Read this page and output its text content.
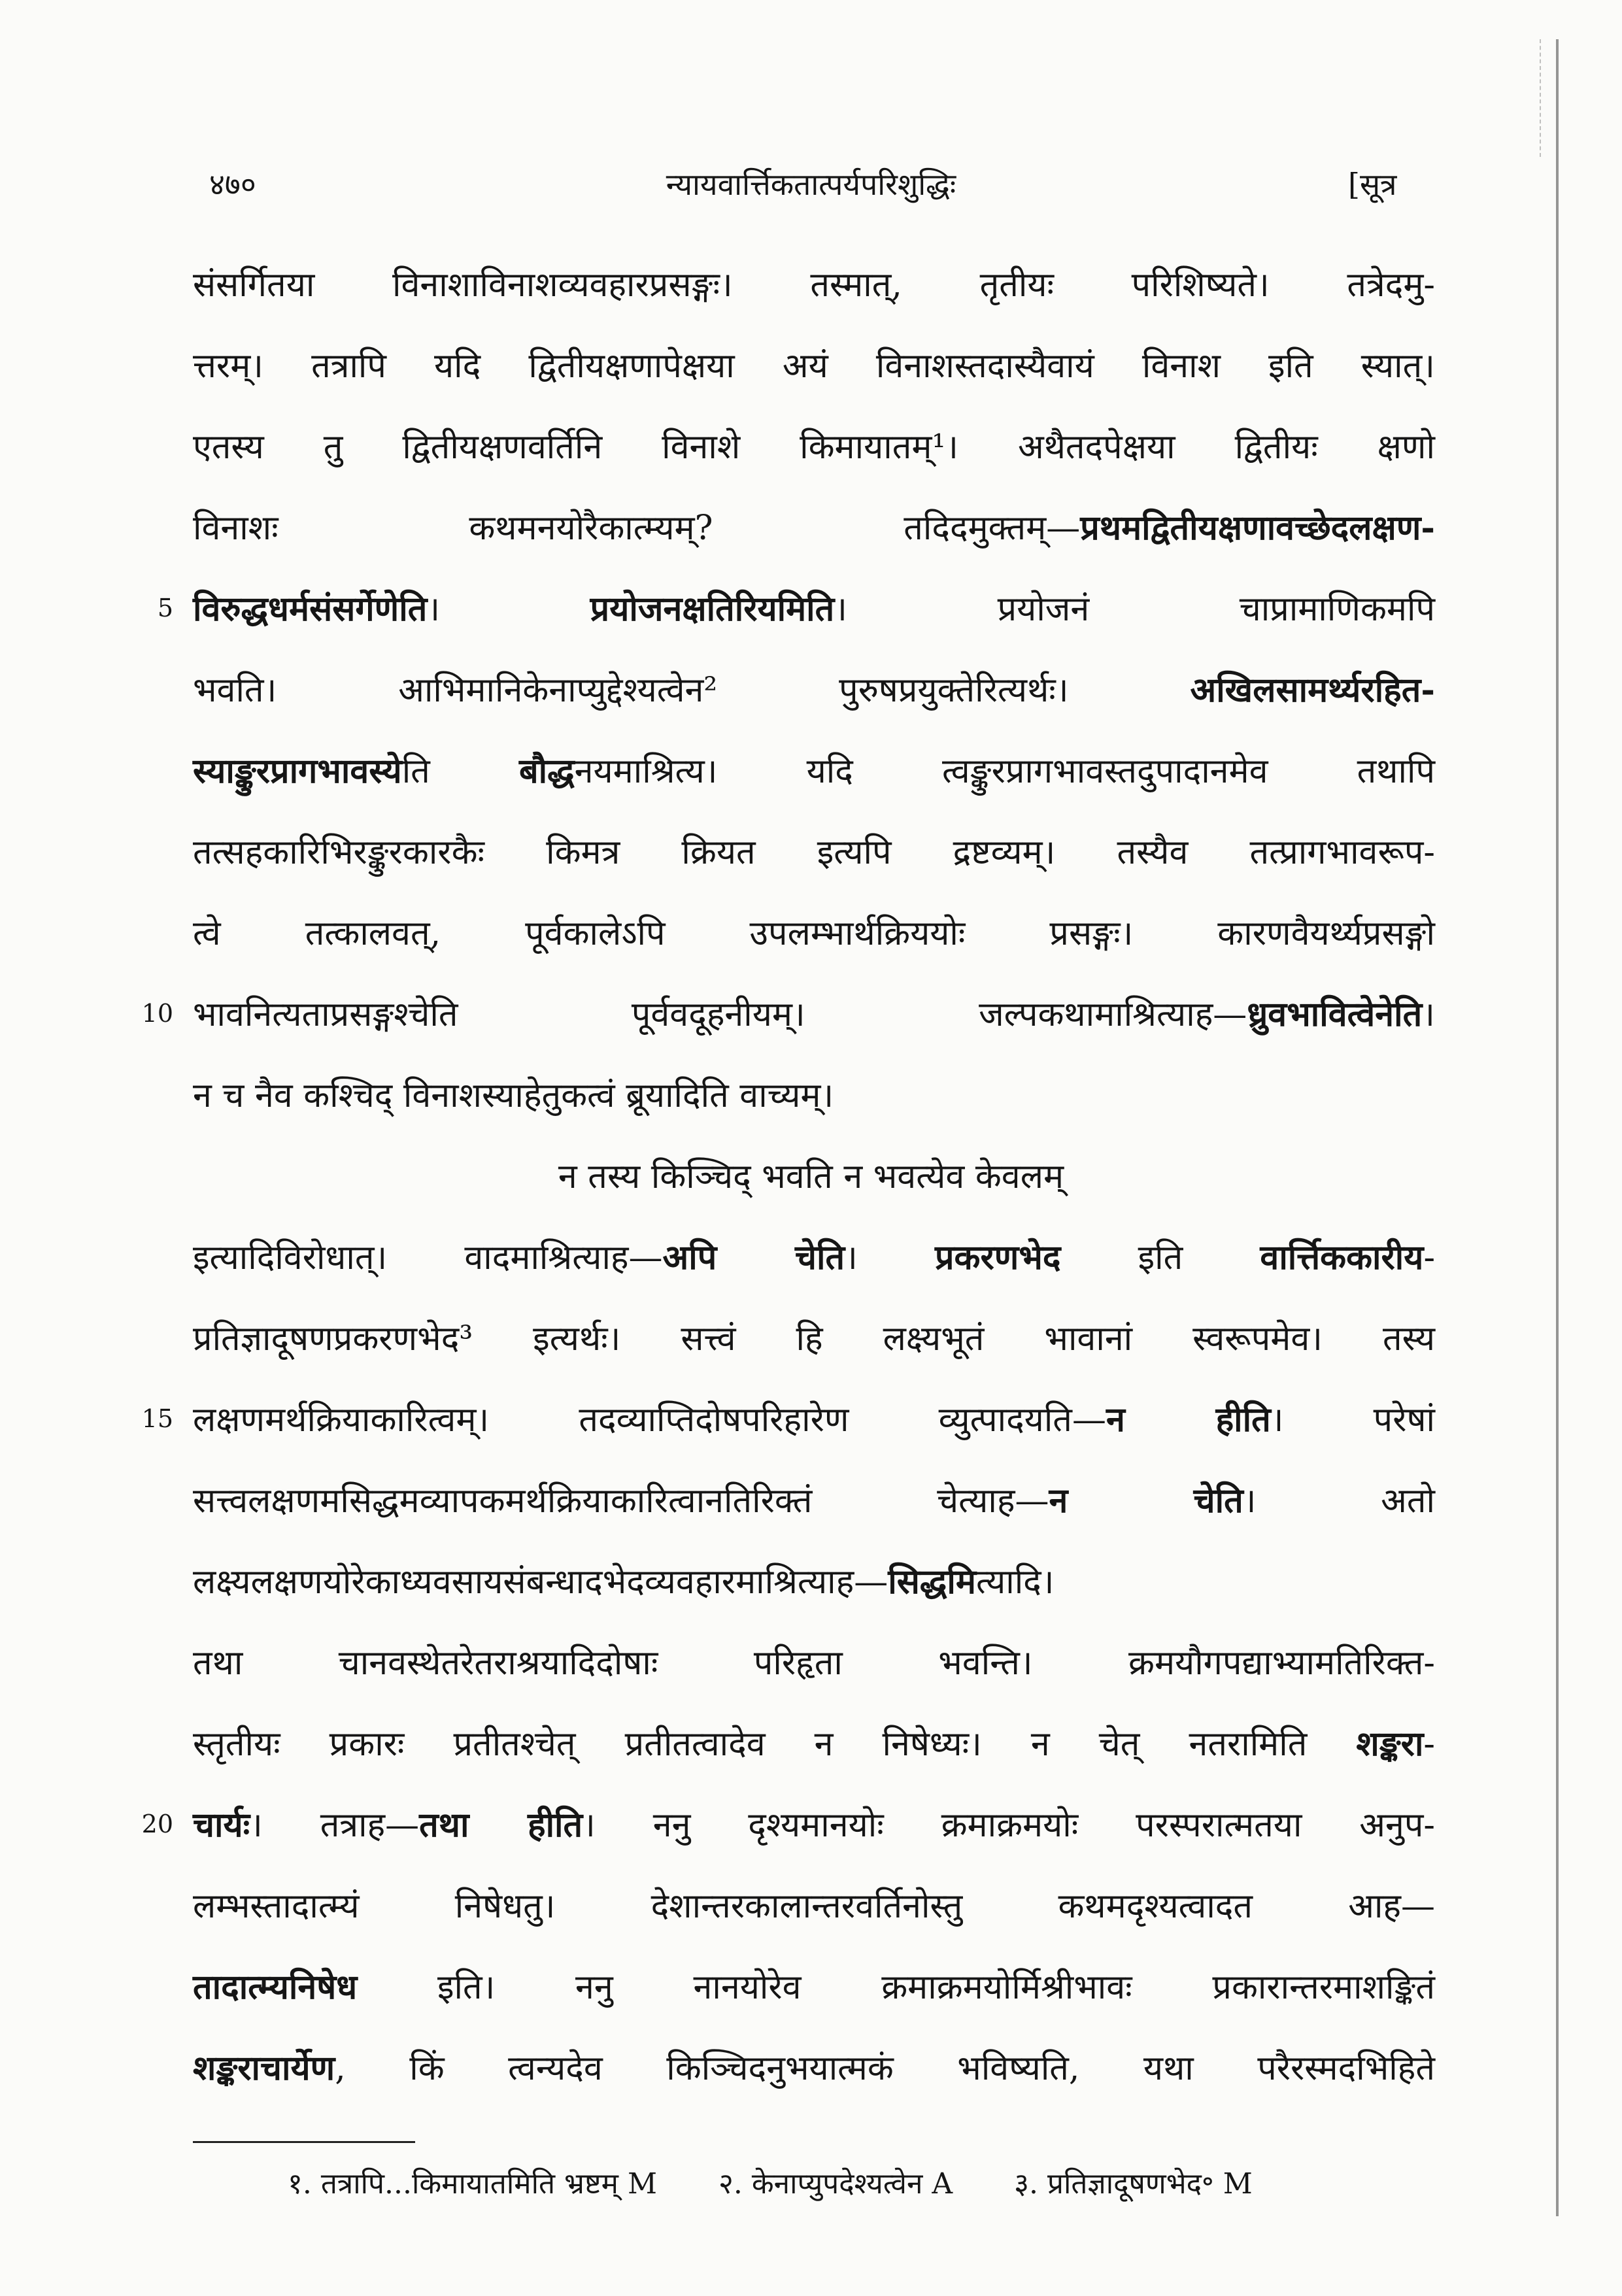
४७०	न्यायवार्त्तिकतात्पर्यपरिशुद्धिः	[सूत्र
संसर्गितया विनाशाविनाशव्यवहारप्रसङ्गः। तस्मात्, तृतीयः परिशिष्यते। तत्रेदमु-
त्तरम्। तत्रापि यदि द्वितीयक्षणापेक्षया अयं विनाशस्तदास्यैवायं विनाश इति स्यात्।
एतस्य तु द्वितीयक्षणवर्तिनि विनाशे किमायातम्¹। अथैतदपेक्षया द्वितीयः क्षणो
विनाशः कथमनयोरैकात्म्यम्? तदिदमुक्तम्—प्रथमद्वितीयक्षणावच्छेदलक्षण-
विरुद्धधर्मसंसर्गेणेति। प्रयोजनक्षतिरियमिति। प्रयोजनं चाप्रामाणिकमपि
5
भवति। आभिमानिकेनाप्युद्देश्यत्वेन² पुरुषप्रयुक्तेरित्यर्थः। अखिलसामर्थ्यरहित-
स्याङ्कुरप्रागभावस्येति बौद्धनयमाश्रित्य। यदि त्वङ्कुरप्रागभावस्तदुपादानमेव तथापि
तत्सहकारिभिरङ्कुरकारकैः किमत्र क्रियत इत्यपि द्रष्टव्यम्। तस्यैव तत्प्रागभावरूप-
त्वे तत्कालवत्, पूर्वकालेऽपि उपलम्भार्थक्रिययोः प्रसङ्गः। कारणवैयर्थ्यप्रसङ्गो
भावनित्यताप्रसङ्गश्चेति पूर्ववदूहनीयम्। जल्पकथामाश्रित्याह—ध्रुवभावित्वेनेति।
10
न च नैव कश्चिद् विनाशस्याहेतुकत्वं ब्रूयादिति वाच्यम्।
न तस्य किञ्चिद् भवति न भवत्येव केवलम्
इत्यादिविरोधात्। वादमाश्रित्याह—अपि चेति। प्रकरणभेद इति वार्त्तिककारीय-
प्रतिज्ञादूषणप्रकरणभेद³ इत्यर्थः। सत्त्वं हि लक्ष्यभूतं भावानां स्वरूपमेव। तस्य
लक्षणमर्थक्रियाकारित्वम्। तदव्याप्तिदोषपरिहारेण व्युत्पादयति—न हीति। परेषां
15
सत्त्वलक्षणमसिद्धमव्यापकमर्थक्रियाकारित्वानतिरिक्तं चेत्याह—न चेति। अतो
लक्ष्यलक्षणयोरेकाध्यवसायसंबन्धादभेदव्यवहारमाश्रित्याह—सिद्धमित्यादि।
तथा चानवस्थेतरेतराश्रयादिदोषाः परिहृता भवन्ति। क्रमयौगपद्याभ्यामतिरिक्त-
स्तृतीयः प्रकारः प्रतीतश्चेत् प्रतीतत्वादेव न निषेध्यः। न चेत् नतरामिति शङ्करा-
चार्यः। तत्राह—तथा हीति। ननु दृश्यमानयोः क्रमाक्रमयोः परस्परात्मतया अनुप-
20
लम्भस्तादात्म्यं निषेधतु। देशान्तरकालान्तरवर्तिनोस्तु कथमदृश्यत्वादत आह—
तादात्म्यनिषेध इति। ननु नानयोरेव क्रमाक्रमयोर्मिश्रीभावः प्रकारान्तरमाशङ्कितं
शङ्कराचार्येण, किं त्वन्यदेव किञ्चिदनुभयात्मकं भविष्यति, यथा परैरस्मदभिहिते
१. तत्रापि...किमायातमिति भ्रष्टम् M २. केनाप्युपदेश्यत्वेन A ३. प्रतिज्ञादूषणभेद॰ M
